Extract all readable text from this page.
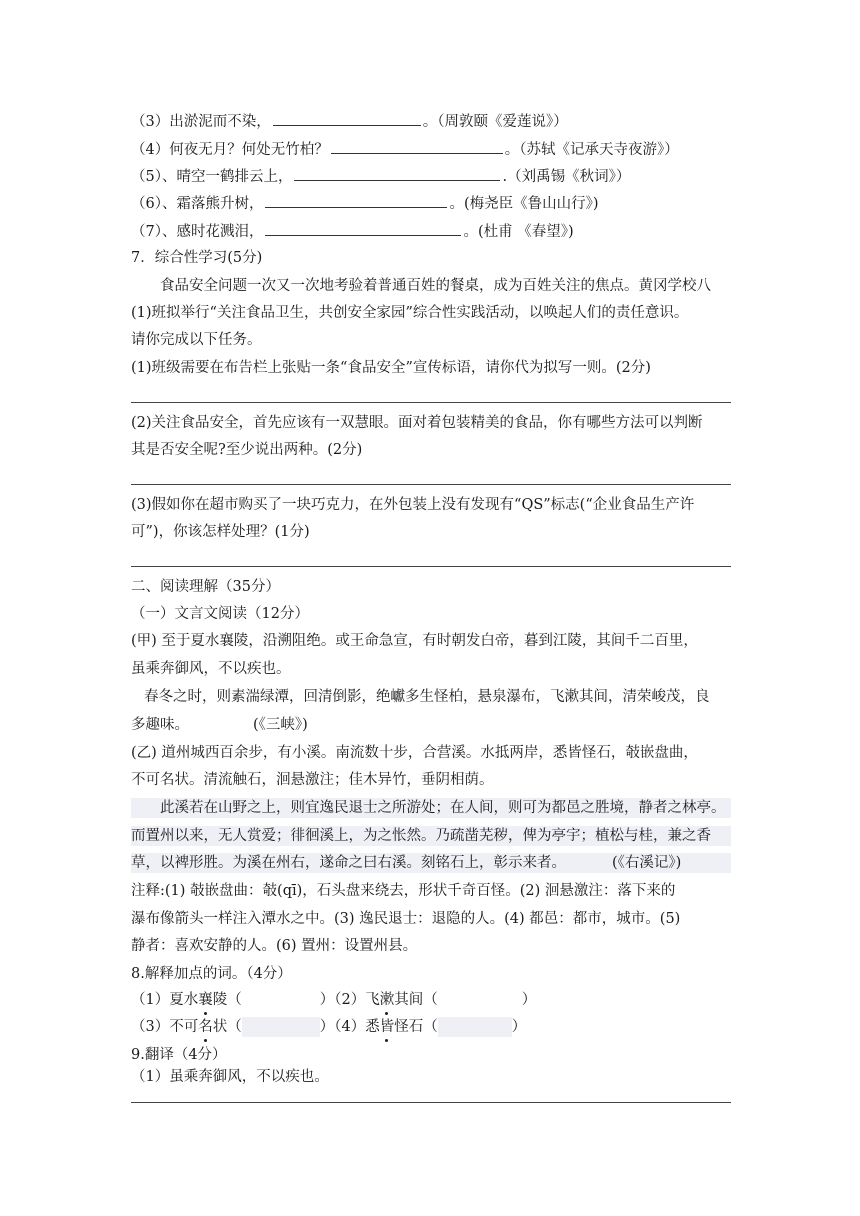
（3）出淤泥而不染，	。（周敦颐《爱莲说》）
（4）何夜无月？何处无竹柏？	。（苏轼《记承天寺夜游》）
（5）、晴空一鹤排云上，	.（刘禹锡《秋词》）
（6）、霜落熊升树，	。(梅尧臣《鲁山山行》)
（7）、感时花溅泪，	。(杜甫 《春望》)
7．综合性学习(5分)
食品安全问题一次又一次地考验着普通百姓的餐桌，成为百姓关注的焦点。黄冈学校八
(1)班拟举行“关注食品卫生，共创安全家园”综合性实践活动，以唤起人们的责任意识。
请你完成以下任务。
(1)班级需要在布告栏上张贴一条“食品安全”宣传标语，请你代为拟写一则。(2分)
(2)关注食品安全，首先应该有一双慧眼。面对着包装精美的食品，你有哪些方法可以判断
其是否安全呢?至少说出两种。(2分)
(3)假如你在超市购买了一块巧克力，在外包装上没有发现有“QS”标志(“企业食品生产许
可”)，你该怎样处理？(1分)
二、阅读理解（35分）
（一）文言文阅读（12分）
(甲) 至于夏水襄陵，沿溯阻绝。或王命急宣，有时朝发白帝，暮到江陵，其间千二百里，
虽乘奔御风，不以疾也。
春冬之时，则素湍绿潭，回清倒影，绝巘多生怪柏，悬泉瀑布，飞漱其间，清荣峻茂，良
多趣味。	(《三峡》)
(乙) 道州城西百余步，有小溪。南流数十步，合营溪。水抵两岸，悉皆怪石，攲嵌盘曲，
不可名状。清流触石，洄悬激注；佳木异竹，垂阴相荫。
此溪若在山野之上，则宜逸民退士之所游处；在人间，则可为都邑之胜境，静者之林亭。
而置州以来，无人赏爱；徘徊溪上，为之怅然。乃疏凿芜秽，俾为亭宇；植松与桂，兼之香
草，以裨形胜。为溪在州右，遂命之曰右溪。刻铭石上，彰示来者。	(《右溪记》)
注释:(1) 攲嵌盘曲：攲(qī)，石头盘来绕去，形状千奇百怪。(2) 洄悬激注：落下来的
瀑布像箭头一样注入潭水之中。(3) 逸民退士：退隐的人。(4) 都邑：都市，城市。(5)
静者：喜欢安静的人。(6) 置州：设置州县。
8.解释加点的词。（4分）
（1）夏水襄陵（	）（2）飞漱其间（	）
（3）不可名状（	）（4）悉皆怪石（	）
9.翻译（4分）
（1）虽乘奔御风，不以疾也。
